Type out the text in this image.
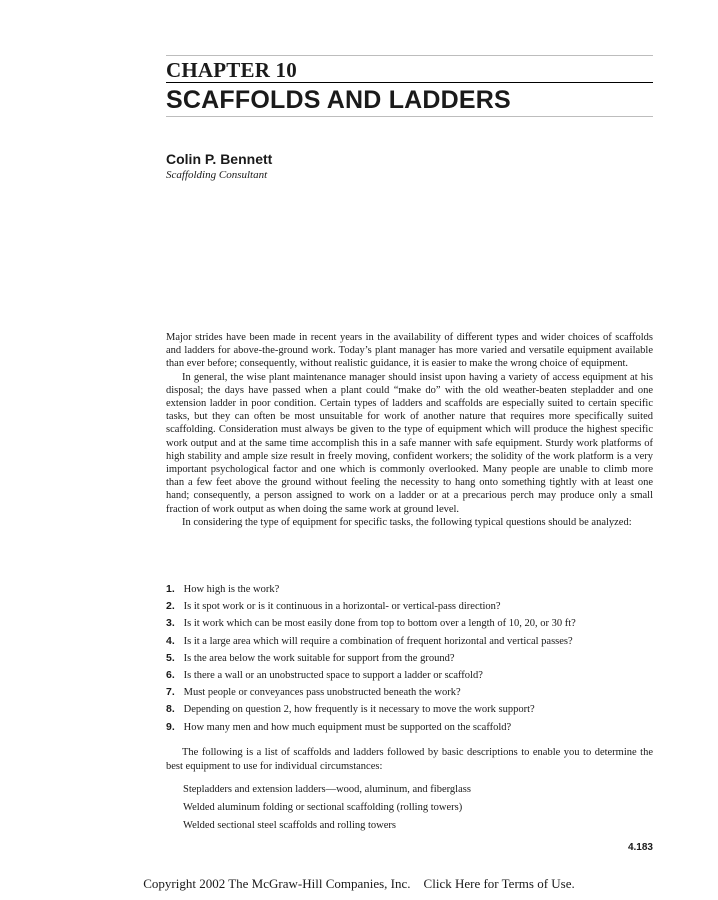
CHAPTER 10
SCAFFOLDS AND LADDERS
Colin P. Bennett
Scaffolding Consultant

Major strides have been made in recent years in the availability of different types and wider choices of scaffolds and ladders for above-the-ground work. Today’s plant manager has more varied and versatile equipment available than ever before; consequently, without realistic guidance, it is easier to make the wrong choice of equipment.

In general, the wise plant maintenance manager should insist upon having a variety of access equipment at his disposal; the days have passed when a plant could “make do” with the old weather-beaten stepladder and one extension ladder in poor condition. Certain types of ladders and scaffolds are especially suited to certain specific tasks, but they can often be most unsuitable for work of another nature that requires more specifically suited scaffolding. Consideration must always be given to the type of equipment which will produce the highest specific work output and at the same time accomplish this in a safe manner with safe equipment. Sturdy work platforms of high stability and ample size result in freely moving, confident workers; the solidity of the work platform is a very important psychological factor and one which is commonly overlooked. Many people are unable to climb more than a few feet above the ground without feeling the necessity to hang onto something tightly with at least one hand; consequently, a person assigned to work on a ladder or at a precarious perch may produce only a small fraction of work output as when doing the same work at ground level.

In considering the type of equipment for specific tasks, the following typical questions should be analyzed:

1. How high is the work?
2. Is it spot work or is it continuous in a horizontal- or vertical-pass direction?
3. Is it work which can be most easily done from top to bottom over a length of 10, 20, or 30 ft?
4. Is it a large area which will require a combination of frequent horizontal and vertical passes?
5. Is the area below the work suitable for support from the ground?
6. Is there a wall or an unobstructed space to support a ladder or scaffold?
7. Must people or conveyances pass unobstructed beneath the work?
8. Depending on question 2, how frequently is it necessary to move the work support?
9. How many men and how much equipment must be supported on the scaffold?

The following is a list of scaffolds and ladders followed by basic descriptions to enable you to determine the best equipment to use for individual circumstances:

Stepladders and extension ladders—wood, aluminum, and fiberglass
Welded aluminum folding or sectional scaffolding (rolling towers)
Welded sectional steel scaffolds and rolling towers
4.183
Copyright 2002 The McGraw-Hill Companies, Inc. Click Here for Terms of Use.
